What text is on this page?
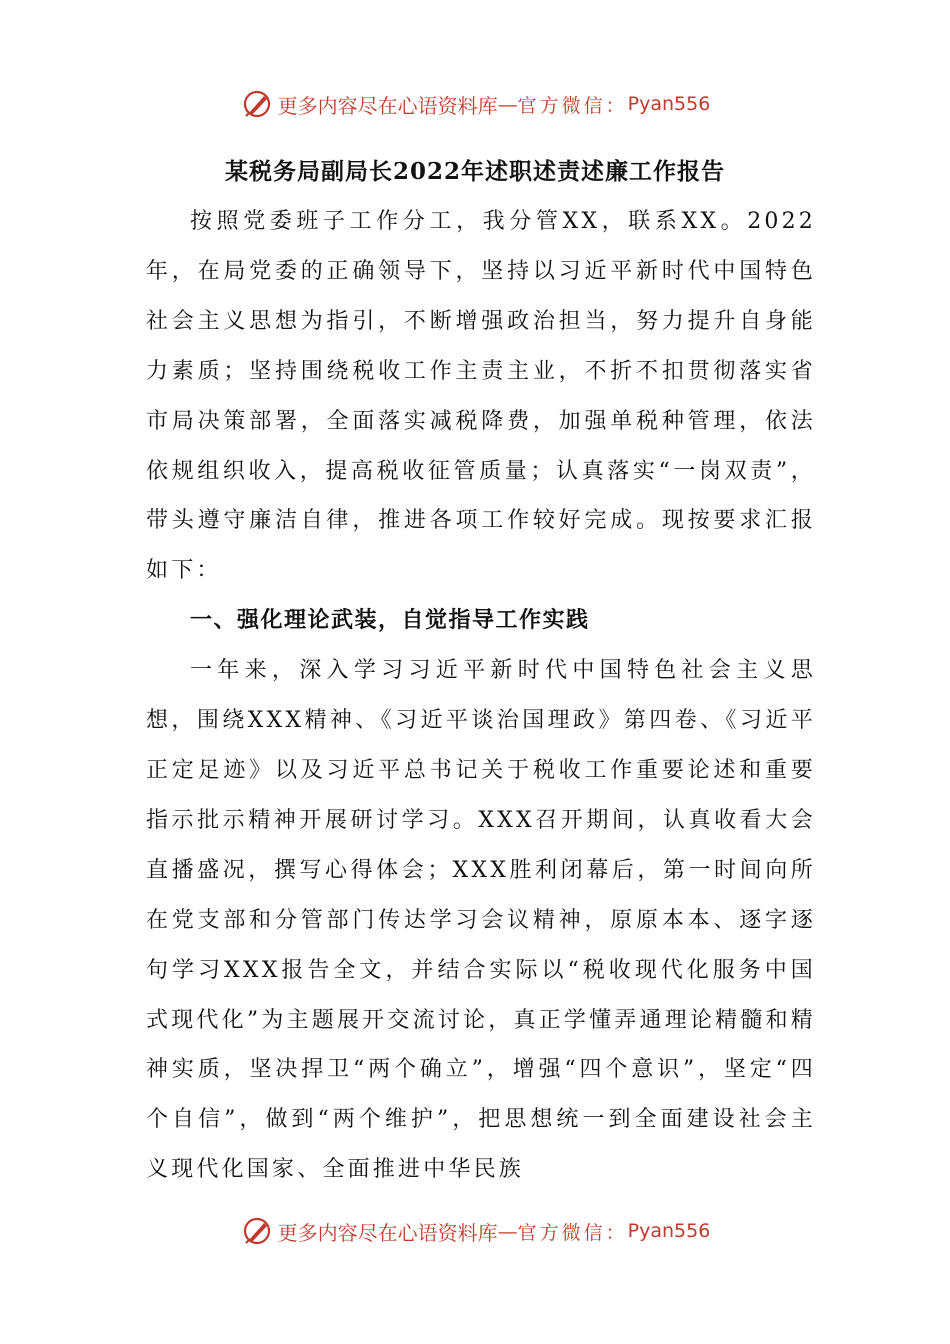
更多内容尽在心语资料库 — 官方微信： Pyan556
某税务局副局长2022年述职述责述廉工作报告

按照党委班子工作分工，我分管XX，联系XX。2022年，在局党委的正确领导下，坚持以习近平新时代中国特色社会主义思想为指引，不断增强政治担当，努力提升自身能力素质；坚持围绕税收工作主责主业，不折不扣贯彻落实省市局决策部署，全面落实减税降费，加强单税种管理，依法依规组织收入，提高税收征管质量；认真落实“一岗双责”，带头遵守廉洁自律，推进各项工作较好完成。现按要求汇报如下：

一、强化理论武装，自觉指导工作实践

一年来，深入学习习近平新时代中国特色社会主义思想，围绕XXX精神、《习近平谈治国理政》第四卷、《习近平正定足迹》以及习近平总书记关于税收工作重要论述和重要指示批示精神开展研讨学习。XXX召开期间，认真收看大会直播盛况，撰写心得体会；XXX胜利闭幕后，第一时间向所在党支部和分管部门传达学习会议精神，原原本本、逐字逐句学习XXX报告全文，并结合实际以“税收现代化服务中国式现代化”为主题展开交流讨论，真正学懂弄通理论精髓和精神实质，坚决捍卫“两个确立”，增强“四个意识”，坚定“四个自信”，做到“两个维护”，把思想统一到全面建设社会主义现代化国家、全面推进中华民族

更多内容尽在心语资料库 — 官方微信： Pyan556
